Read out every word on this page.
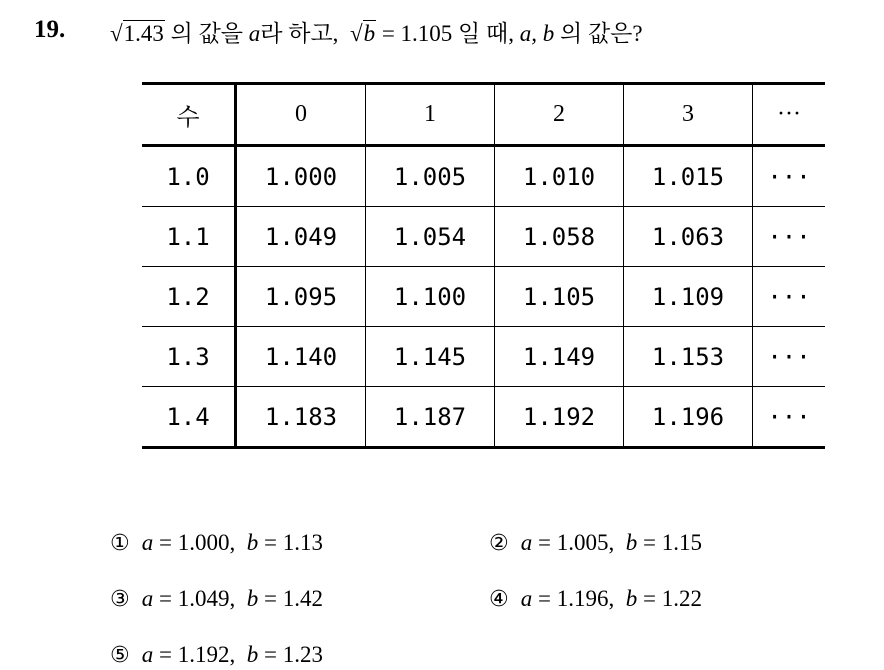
19. √1.43 의 값을 a라 하고, √b = 1.105 일 때, a, b 의 값은?
수	0	1	2	3	···
1.0	1.000	1.005	1.010	1.015	···
1.1	1.049	1.054	1.058	1.063	···
1.2	1.095	1.100	1.105	1.109	···
1.3	1.140	1.145	1.149	1.153	···
1.4	1.183	1.187	1.192	1.196	···
① a = 1.000, b = 1.13	② a = 1.005, b = 1.15
③ a = 1.049, b = 1.42	④ a = 1.196, b = 1.22
⑤ a = 1.192, b = 1.23
